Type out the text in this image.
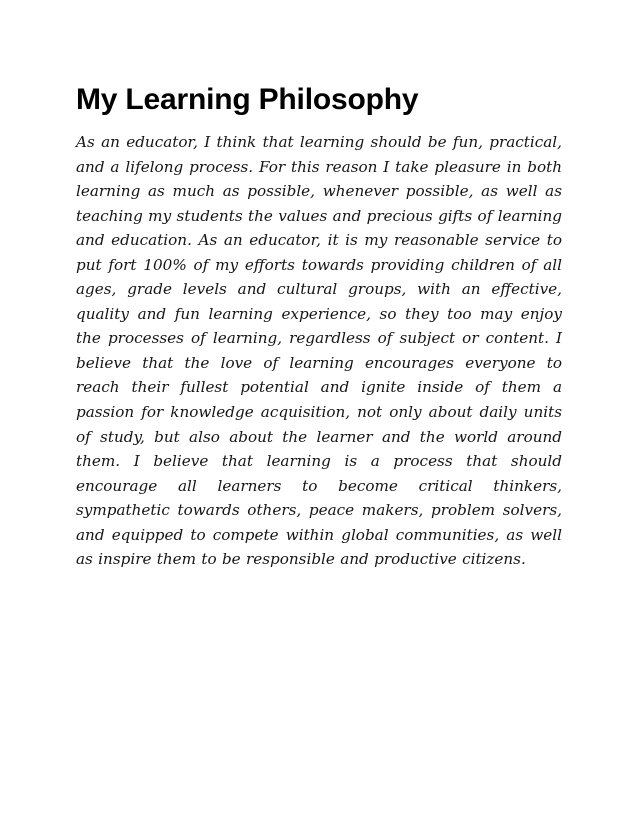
My Learning Philosophy

As an educator, I think that learning should be fun, practical, and a lifelong process. For this reason I take pleasure in both learning as much as possible, whenever possible, as well as teaching my students the values and precious gifts of learning and education. As an educator, it is my reasonable service to put fort 100% of my efforts towards providing children of all ages, grade levels and cultural groups, with an effective, quality and fun learning experience, so they too may enjoy the processes of learning, regardless of subject or content. I believe that the love of learning encourages everyone to reach their fullest potential and ignite inside of them a passion for knowledge acquisition, not only about daily units of study, but also about the learner and the world around them. I believe that learning is a process that should encourage all learners to become critical thinkers, sympathetic towards others, peace makers, problem solvers, and equipped to compete within global communities, as well as inspire them to be responsible and productive citizens.
